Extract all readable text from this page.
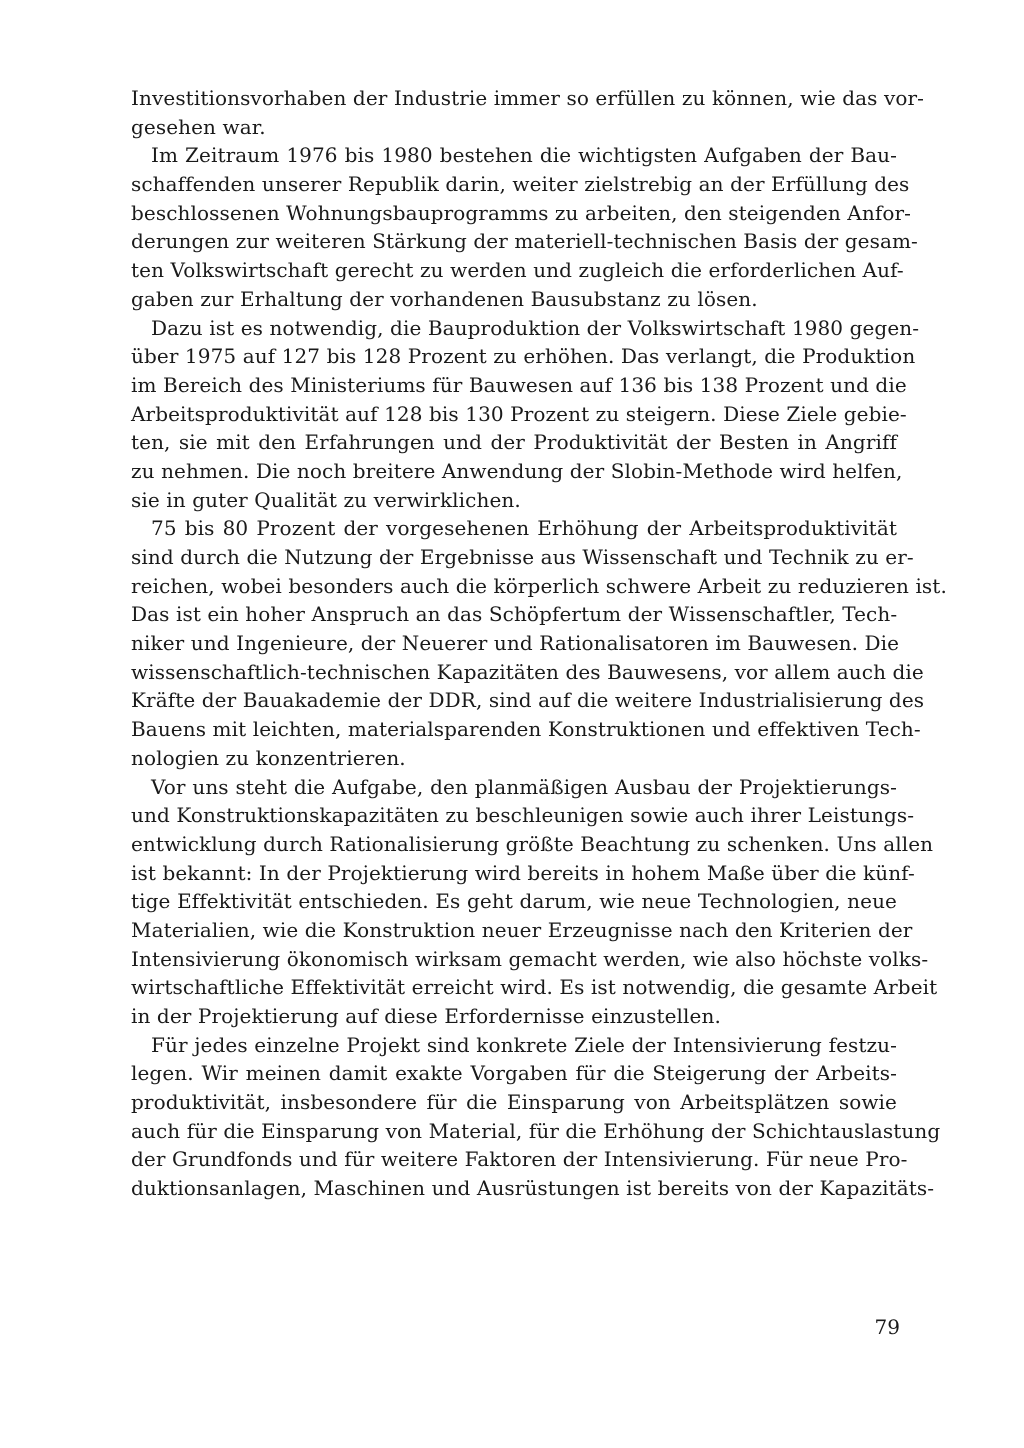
Investitionsvorhaben der Industrie immer so erfüllen zu können, wie das vor-
gesehen war.
Im Zeitraum 1976 bis 1980 bestehen die wichtigsten Aufgaben der Bau-
schaffenden unserer Republik darin, weiter zielstrebig an der Erfüllung des
beschlossenen Wohnungsbauprogramms zu arbeiten, den steigenden Anfor-
derungen zur weiteren Stärkung der materiell-technischen Basis der gesam-
ten Volkswirtschaft gerecht zu werden und zugleich die erforderlichen Auf-
gaben zur Erhaltung der vorhandenen Bausubstanz zu lösen.
Dazu ist es notwendig, die Bauproduktion der Volkswirtschaft 1980 gegen-
über 1975 auf 127 bis 128 Prozent zu erhöhen. Das verlangt, die Produktion
im Bereich des Ministeriums für Bauwesen auf 136 bis 138 Prozent und die
Arbeitsproduktivität auf 128 bis 130 Prozent zu steigern. Diese Ziele gebie-
ten, sie mit den Erfahrungen und der Produktivität der Besten in Angriff
zu nehmen. Die noch breitere Anwendung der Slobin-Methode wird helfen,
sie in guter Qualität zu verwirklichen.
75 bis 80 Prozent der vorgesehenen Erhöhung der Arbeitsproduktivität
sind durch die Nutzung der Ergebnisse aus Wissenschaft und Technik zu er-
reichen, wobei besonders auch die körperlich schwere Arbeit zu reduzieren ist.
Das ist ein hoher Anspruch an das Schöpfertum der Wissenschaftler, Tech-
niker und Ingenieure, der Neuerer und Rationalisatoren im Bauwesen. Die
wissenschaftlich-technischen Kapazitäten des Bauwesens, vor allem auch die
Kräfte der Bauakademie der DDR, sind auf die weitere Industrialisierung des
Bauens mit leichten, materialsparenden Konstruktionen und effektiven Tech-
nologien zu konzentrieren.
Vor uns steht die Aufgabe, den planmäßigen Ausbau der Projektierungs-
und Konstruktionskapazitäten zu beschleunigen sowie auch ihrer Leistungs-
entwicklung durch Rationalisierung größte Beachtung zu schenken. Uns allen
ist bekannt: In der Projektierung wird bereits in hohem Maße über die künf-
tige Effektivität entschieden. Es geht darum, wie neue Technologien, neue
Materialien, wie die Konstruktion neuer Erzeugnisse nach den Kriterien der
Intensivierung ökonomisch wirksam gemacht werden, wie also höchste volks-
wirtschaftliche Effektivität erreicht wird. Es ist notwendig, die gesamte Arbeit
in der Projektierung auf diese Erfordernisse einzustellen.
Für jedes einzelne Projekt sind konkrete Ziele der Intensivierung festzu-
legen. Wir meinen damit exakte Vorgaben für die Steigerung der Arbeits-
produktivität, insbesondere für die Einsparung von Arbeitsplätzen sowie
auch für die Einsparung von Material, für die Erhöhung der Schichtauslastung
der Grundfonds und für weitere Faktoren der Intensivierung. Für neue Pro-
duktionsanlagen, Maschinen und Ausrüstungen ist bereits von der Kapazitäts-
79
